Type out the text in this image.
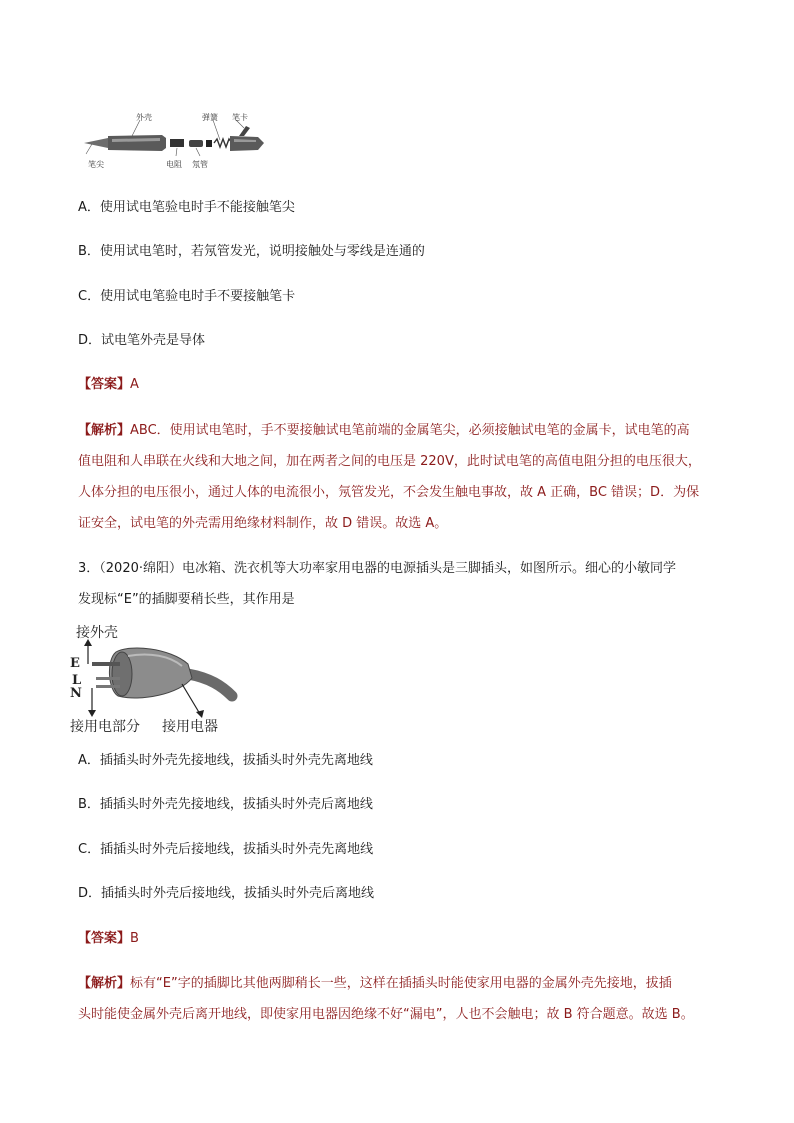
外壳	弹簧 笔卡
笔尖	电阻 氖管
A．使用试电笔验电时手不能接触笔尖
B．使用试电笔时，若氖管发光，说明接触处与零线是连通的
C．使用试电笔验电时手不要接触笔卡
D．试电笔外壳是导体
【答案】A
【解析】ABC．使用试电笔时，手不要接触试电笔前端的金属笔尖，必须接触试电笔的金属卡，试电笔的高
值电阻和人串联在火线和大地之间，加在两者之间的电压是 220V，此时试电笔的高值电阻分担的电压很大，
人体分担的电压很小，通过人体的电流很小，氖管发光，不会发生触电事故，故 A 正确，BC 错误；D．为保
证安全，试电笔的外壳需用绝缘材料制作，故 D 错误。故选 A。
3．（2020·绵阳）电冰箱、洗衣机等大功率家用电器的电源插头是三脚插头，如图所示。细心的小敏同学
发现标“E”的插脚要稍长些，其作用是
接外壳
E
L
N
接用电部分 接用电器
A．插插头时外壳先接地线，拔插头时外壳先离地线
B．插插头时外壳先接地线，拔插头时外壳后离地线
C．插插头时外壳后接地线，拔插头时外壳先离地线
D．插插头时外壳后接地线，拔插头时外壳后离地线
【答案】B
【解析】标有“E”字的插脚比其他两脚稍长一些，这样在插插头时能使家用电器的金属外壳先接地，拔插
头时能使金属外壳后离开地线，即使家用电器因绝缘不好“漏电”，人也不会触电；故 B 符合题意。故选 B。
